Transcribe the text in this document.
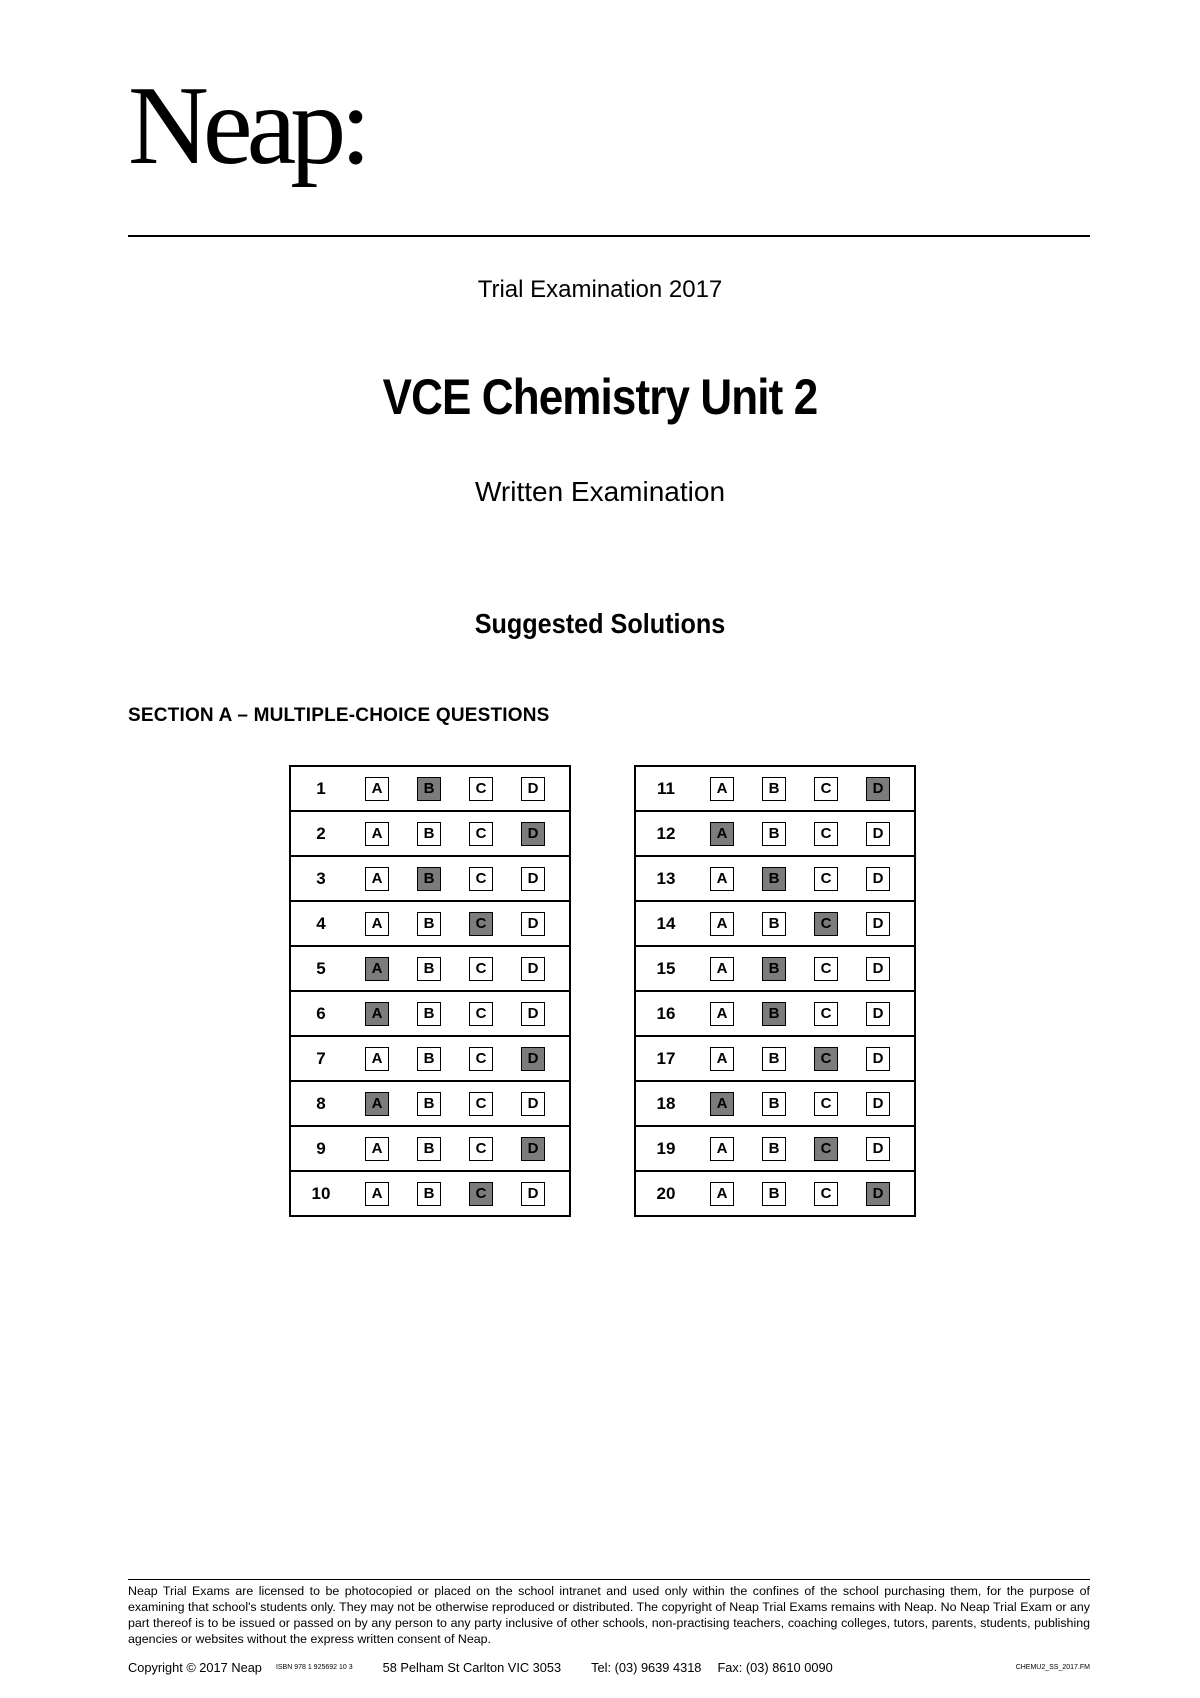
Neap:
Trial Examination 2017
VCE Chemistry Unit 2
Written Examination
Suggested Solutions
SECTION A – MULTIPLE-CHOICE QUESTIONS
1	A	B	C	D	
2	A	B	C	D	
3	A	B	C	D	
4	A	B	C	D	
5	A	B	C	D	
6	A	B	C	D	
7	A	B	C	D	
8	A	B	C	D	
9	A	B	C	D	
10	A	B	C	D	
11	A	B	C	D	
12	A	B	C	D	
13	A	B	C	D	
14	A	B	C	D	
15	A	B	C	D	
16	A	B	C	D	
17	A	B	C	D	
18	A	B	C	D	
19	A	B	C	D	
20	A	B	C	D	
Neap Trial Exams are licensed to be photocopied or placed on the school intranet and used only within the confines of the school purchasing them, for the purpose of examining that school's students only. They may not be otherwise reproduced or distributed. The copyright of Neap Trial Exams remains with Neap. No Neap Trial Exam or any part thereof is to be issued or passed on by any person to any party inclusive of other schools, non-practising teachers, coaching colleges, tutors, parents, students, publishing agencies or websites without the express written consent of Neap.
Copyright © 2017 Neap ISBN 978 1 925692 10 3 58 Pelham St Carlton VIC 3053 Tel: (03) 9639 4318 Fax: (03) 8610 0090	CHEMU2_SS_2017.FM
